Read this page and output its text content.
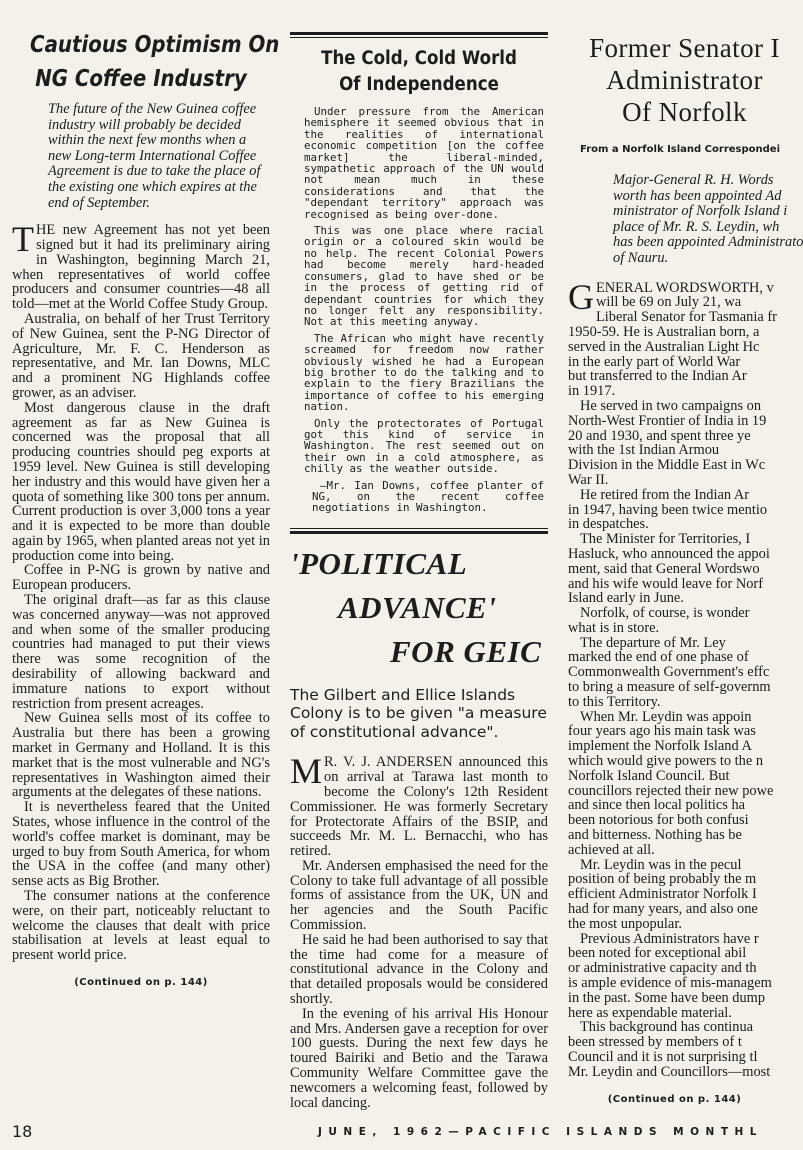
Cautious Optimism On
NG Coffee Industry
The future of the New Guinea coffee industry will probably be decided within the next few months when a new Long-term International Coffee Agreement is due to take the place of the existing one which expires at the end of September.

THE new Agreement has not yet been signed but it had its preliminary airing in Washington, beginning March 21, when representatives of world coffee producers and consumer countries—48 all told—met at the World Coffee Study Group.

Australia, on behalf of her Trust Territory of New Guinea, sent the P-NG Director of Agriculture, Mr. F. C. Henderson as representative, and Mr. Ian Downs, MLC and a prominent NG Highlands coffee grower, as an adviser.

Most dangerous clause in the draft agreement as far as New Guinea is concerned was the proposal that all producing countries should peg exports at 1959 level. New Guinea is still developing her industry and this would have given her a quota of something like 300 tons per annum. Current production is over 3,000 tons a year and it is expected to be more than double again by 1965, when planted areas not yet in production come into being.

Coffee in P-NG is grown by native and European producers.

The original draft—as far as this clause was concerned anyway—was not approved and when some of the smaller producing countries had managed to put their views there was some recognition of the desirability of allowing backward and immature nations to export without restriction from present acreages.

New Guinea sells most of its coffee to Australia but there has been a growing market in Germany and Holland. It is this market that is the most vulnerable and NG's representatives in Washington aimed their arguments at the delegates of these nations.

It is nevertheless feared that the United States, whose influence in the control of the world's coffee market is dominant, may be urged to buy from South America, for whom the USA in the coffee (and many other) sense acts as Big Brother.

The consumer nations at the conference were, on their part, noticeably reluctant to welcome the clauses that dealt with price stabilisation at levels at least equal to present world price.

(Continued on p. 144)
The Cold, Cold World
Of Independence

Under pressure from the American hemisphere it seemed obvious that in the realities of international economic competition [on the coffee market] the liberal-minded, sympathetic approach of the UN would not mean much in these considerations and that the "dependant territory" approach was recognised as being over-done.

This was one place where racial origin or a coloured skin would be no help. The recent Colonial Powers had become merely hard-headed consumers, glad to have shed or be in the process of getting rid of dependant countries for which they no longer felt any responsibility. Not at this meeting anyway.

The African who might have recently screamed for freedom now rather obviously wished he had a European big brother to do the talking and to explain to the fiery Brazilians the importance of coffee to his emerging nation.

Only the protectorates of Portugal got this kind of service in Washington. The rest seemed out on their own in a cold atmosphere, as chilly as the weather outside.

—Mr. Ian Downs, coffee planter of NG, on the recent coffee negotiations in Washington.

'POLITICAL
ADVANCE'
FOR GEIC
The Gilbert and Ellice Islands Colony is to be given "a measure of constitutional advance".

M R. V. J. ANDERSEN announced this on arrival at Tarawa last month to become the Colony's 12th Resident Commissioner. He was formerly Secretary for Protectorate Affairs of the BSIP, and succeeds Mr. M. L. Bernacchi, who has retired.

Mr. Andersen emphasised the need for the Colony to take full advantage of all possible forms of assistance from the UK, UN and her agencies and the South Pacific Commission.

He said he had been authorised to say that the time had come for a measure of constitutional advance in the Colony and that detailed proposals would be considered shortly.

In the evening of his arrival His Honour and Mrs. Andersen gave a reception for over 100 guests. During the next few days he toured Bairiki and Betio and the Tarawa Community Welfare Committee gave the newcomers a welcoming feast, followed by local dancing.

Former Senator I
Administrator
Of Norfolk
From a Norfolk Island Correspondei
Major-General R. H. Words
worth has been appointed Ad
ministrator of Norfolk Island i
place of Mr. R. S. Leydin, wh
has been appointed Administrato
of Nauru.

GENERAL WORDSWORTH, v

will be 69 on July 21, wa

Liberal Senator for Tasmania fr

1950-59. He is Australian born, a

served in the Australian Light Hc

in the early part of World War

but transferred to the Indian Ar

in 1917.

He served in two campaigns on

North-West Frontier of India in 19

20 and 1930, and spent three ye

with the 1st Indian Armou

Division in the Middle East in Wc

War II.

He retired from the Indian Ar

in 1947, having been twice mentio

in despatches.

The Minister for Territories, I

Hasluck, who announced the appoi

ment, said that General Wordswo

and his wife would leave for Norf

Island early in June.

Norfolk, of course, is wonder

what is in store.

The departure of Mr. Ley

marked the end of one phase of

Commonwealth Government's effc

to bring a measure of self-governm

to this Territory.

When Mr. Leydin was appoin

four years ago his main task was

implement the Norfolk Island A

which would give powers to the n

Norfolk Island Council. But

councillors rejected their new powe

and since then local politics ha

been notorious for both confusi

and bitterness. Nothing has be

achieved at all.

Mr. Leydin was in the pecul

position of being probably the m

efficient Administrator Norfolk I

had for many years, and also one

the most unpopular.

Previous Administrators have r

been noted for exceptional abil

or administrative capacity and th

is ample evidence of mis-managem

in the past. Some have been dump

here as expendable material.

This background has continua

been stressed by members of t

Council and it is not surprising tl

Mr. Leydin and Councillors—most

(Continued on p. 144)
18	JUNE, 1962—PACIFIC ISLANDS MONTHL
